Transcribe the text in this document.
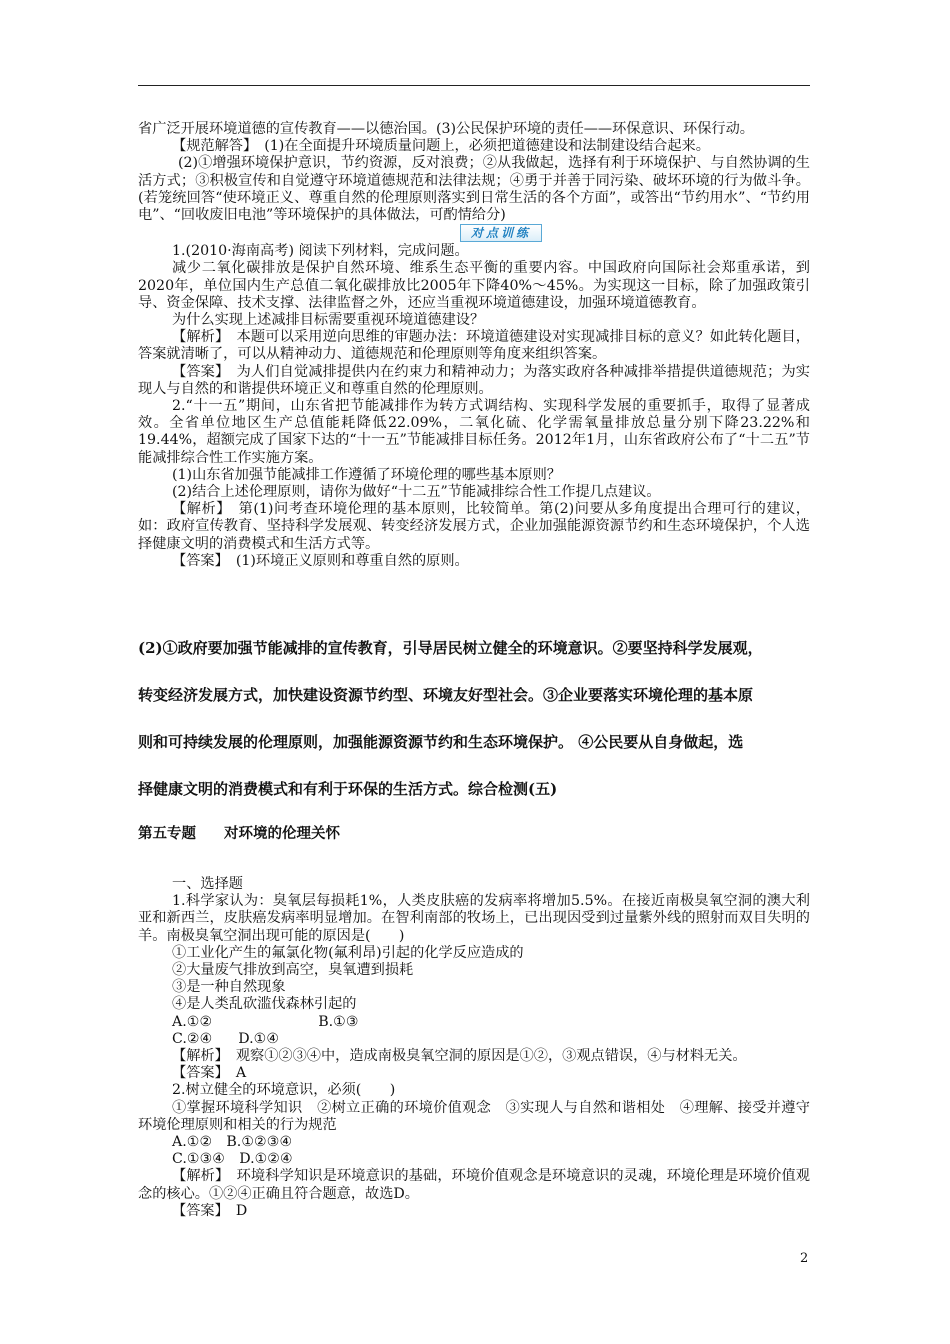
省广泛开展环境道德的宣传教育——以德治国。(3)公民保护环境的责任——环保意识、环保行动。

【规范解答】　(1)在全面提升环境质量问题上，必须把道德建设和法制建设结合起来。

(2)①增强环境保护意识，节约资源，反对浪费；②从我做起，选择有利于环境保护、与自然协调的生活方式；③积极宣传和自觉遵守环境道德规范和法律法规；④勇于并善于同污染、破坏环境的行为做斗争。(若笼统回答“使环境正义、尊重自然的伦理原则落实到日常生活的各个方面”，或答出“节约用水”、“节约用电”、“回收废旧电池”等环境保护的具体做法，可酌情给分)

对点训练

1.(2010·海南高考) 阅读下列材料，完成问题。

减少二氧化碳排放是保护自然环境、维系生态平衡的重要内容。中国政府向国际社会郑重承诺，到2020年，单位国内生产总值二氧化碳排放比2005年下降40%～45%。为实现这一目标，除了加强政策引导、资金保障、技术支撑、法律监督之外，还应当重视环境道德建设，加强环境道德教育。

为什么实现上述减排目标需要重视环境道德建设？

【解析】　本题可以采用逆向思维的审题办法：环境道德建设对实现减排目标的意义？如此转化题目，答案就清晰了，可以从精神动力、道德规范和伦理原则等角度来组织答案。

【答案】　为人们自觉减排提供内在约束力和精神动力；为落实政府各种减排举措提供道德规范；为实现人与自然的和谐提供环境正义和尊重自然的伦理原则。

2.“十一五”期间，山东省把节能减排作为转方式调结构、实现科学发展的重要抓手，取得了显著成效。全省单位地区生产总值能耗降低22.09%，二氧化硫、化学需氧量排放总量分别下降23.22%和19.44%，超额完成了国家下达的“十一五”节能减排目标任务。2012年1月，山东省政府公布了“十二五”节能减排综合性工作实施方案。

(1)山东省加强节能减排工作遵循了环境伦理的哪些基本原则？

(2)结合上述伦理原则，请你为做好“十二五”节能减排综合性工作提几点建议。

【解析】　第(1)问考查环境伦理的基本原则，比较简单。第(2)问要从多角度提出合理可行的建议，如：政府宣传教育、坚持科学发展观、转变经济发展方式，企业加强能源资源节约和生态环境保护，个人选择健康文明的消费模式和生活方式等。

【答案】　(1)环境正义原则和尊重自然的原则。

(2)①政府要加强节能减排的宣传教育，引导居民树立健全的环境意识。②要坚持科学发展观，

转变经济发展方式，加快建设资源节约型、环境友好型社会。③企业要落实环境伦理的基本原

则和可持续发展的伦理原则，加强能源资源节约和生态环境保护。 ④公民要从自身做起，选

择健康文明的消费模式和有利于环保的生活方式。综合检测(五)

第五专题 对环境的伦理关怀

一、选择题

1.科学家认为：臭氧层每损耗1%，人类皮肤癌的发病率将增加5.5%。在接近南极臭氧空洞的澳大利亚和新西兰，皮肤癌发病率明显增加。在智利南部的牧场上，已出现因受到过量紫外线的照射而双目失明的羊。南极臭氧空洞出现可能的原因是(　　)

①工业化产生的氟氯化物(氟利昂)引起的化学反应造成的

②大量废气排放到高空，臭氧遭到损耗

③是一种自然现象

④是人类乱砍滥伐森林引起的

A.①②	B.①③

C.②④ D.①④

【解析】　观察①②③④中，造成南极臭氧空洞的原因是①②，③观点错误，④与材料无关。

【答案】　A

2.树立健全的环境意识，必须(　　)

①掌握环境科学知识　②树立正确的环境价值观念　③实现人与自然和谐相处　④理解、接受并遵守环境伦理原则和相关的行为规范

A.①②　B.①②③④

C.①③④　D.①②④

【解析】　环境科学知识是环境意识的基础，环境价值观念是环境意识的灵魂，环境伦理是环境价值观念的核心。①②④正确且符合题意，故选D。

【答案】　D

2
